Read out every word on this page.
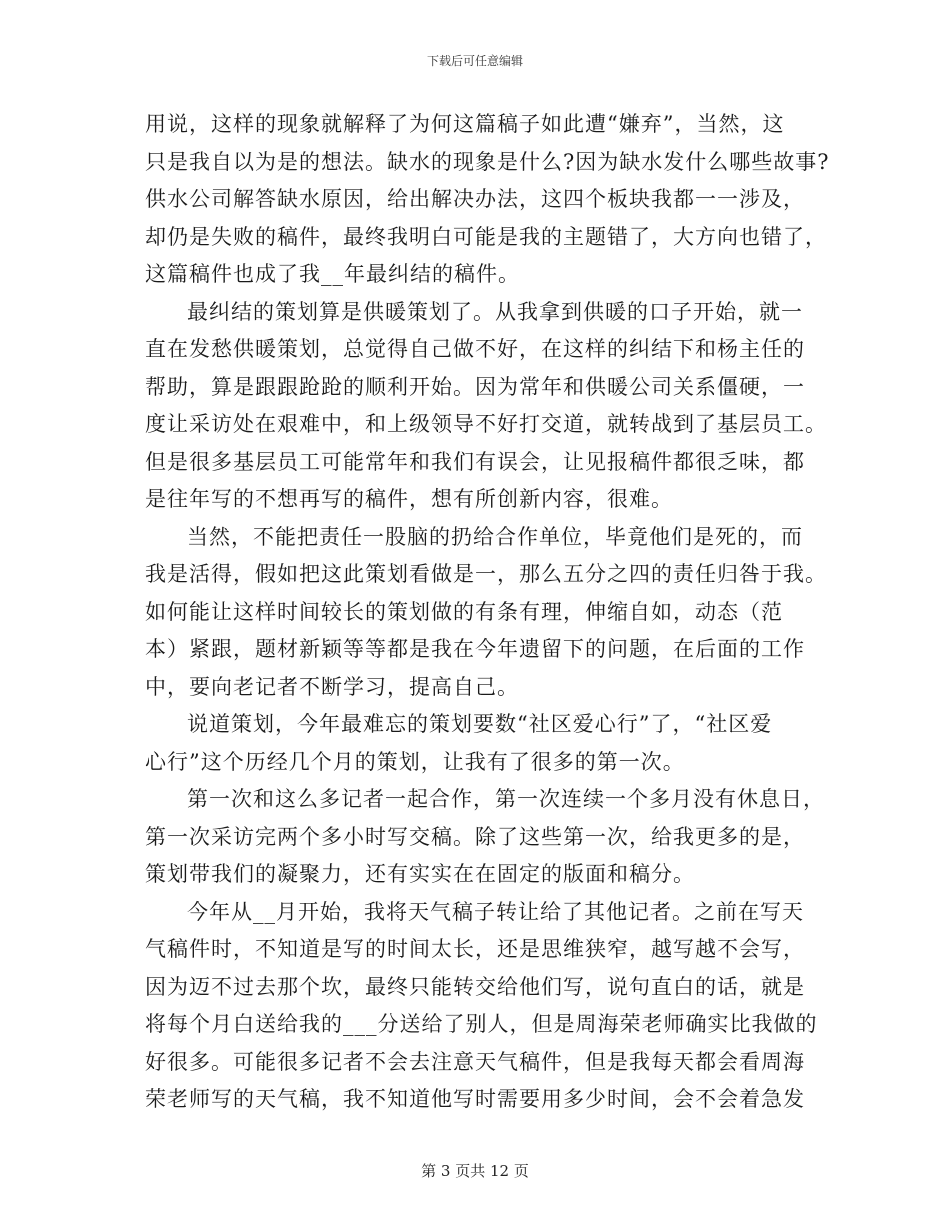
下载后可任意编辑
用说，这样的现象就解释了为何这篇稿子如此遭“嫌弃”，当然，这
只是我自以为是的想法。缺水的现象是什么?因为缺水发什么哪些故事?
供水公司解答缺水原因，给出解决办法，这四个板块我都一一涉及，
却仍是失败的稿件，最终我明白可能是我的主题错了，大方向也错了，
这篇稿件也成了我__年最纠结的稿件。
最纠结的策划算是供暖策划了。从我拿到供暖的口子开始，就一
直在发愁供暖策划，总觉得自己做不好，在这样的纠结下和杨主任的
帮助，算是跟跟跄跄的顺利开始。因为常年和供暖公司关系僵硬，一
度让采访处在艰难中，和上级领导不好打交道，就转战到了基层员工。
但是很多基层员工可能常年和我们有误会，让见报稿件都很乏味，都
是往年写的不想再写的稿件，想有所创新内容，很难。
当然，不能把责任一股脑的扔给合作单位，毕竟他们是死的，而
我是活得，假如把这此策划看做是一，那么五分之四的责任归咎于我。
如何能让这样时间较长的策划做的有条有理，伸缩自如，动态（范
本）紧跟，题材新颖等等都是我在今年遗留下的问题，在后面的工作
中，要向老记者不断学习，提高自己。
说道策划，今年最难忘的策划要数“社区爱心行”了，“社区爱
心行”这个历经几个月的策划，让我有了很多的第一次。
第一次和这么多记者一起合作，第一次连续一个多月没有休息日，
第一次采访完两个多小时写交稿。除了这些第一次，给我更多的是，
策划带我们的凝聚力，还有实实在在固定的版面和稿分。
今年从__月开始，我将天气稿子转让给了其他记者。之前在写天
气稿件时，不知道是写的时间太长，还是思维狭窄，越写越不会写，
因为迈不过去那个坎，最终只能转交给他们写，说句直白的话，就是
将每个月白送给我的___分送给了别人，但是周海荣老师确实比我做的
好很多。可能很多记者不会去注意天气稿件，但是我每天都会看周海
荣老师写的天气稿，我不知道他写时需要用多少时间，会不会着急发
第 3 页共 12 页
